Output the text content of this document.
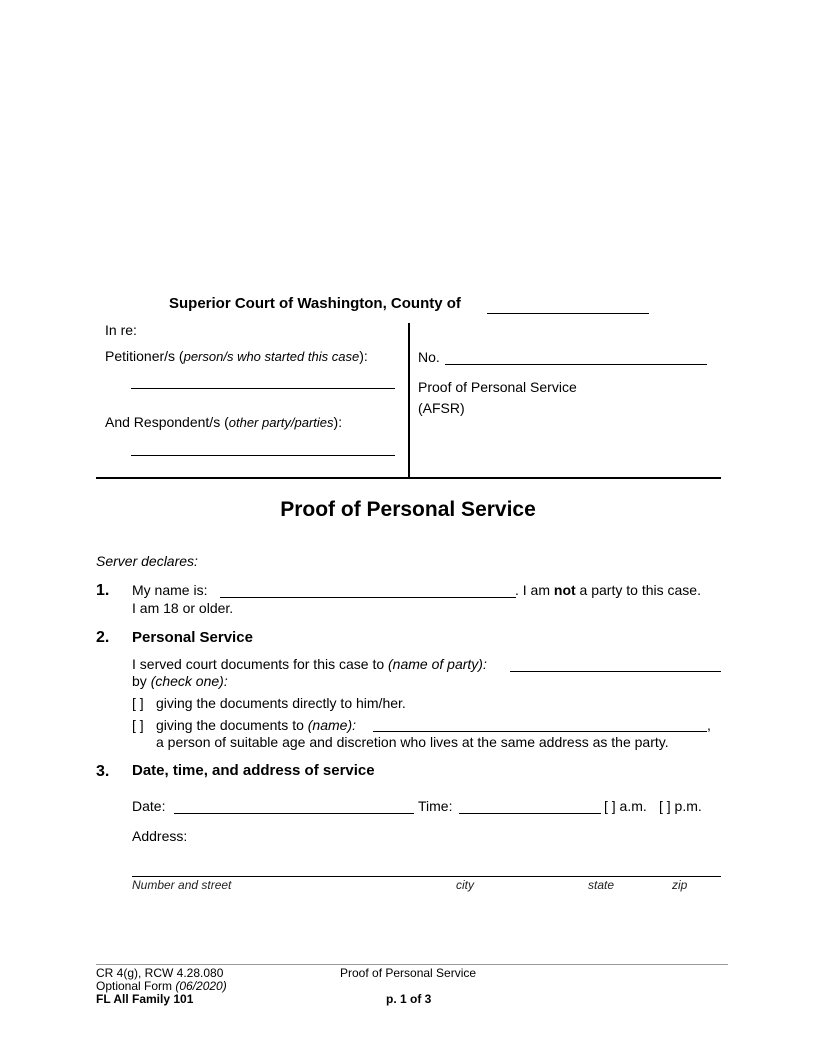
Superior Court of Washington, County of
In re:
Petitioner/s (person/s who started this case):
And Respondent/s (other party/parties):
No.
Proof of Personal Service
(AFSR)
Proof of Personal Service
Server declares:
1. My name is:	. I am not a party to this case.
I am 18 or older.
2. Personal Service
I served court documents for this case to (name of party):
by (check one):
[ ] giving the documents directly to him/her.
[ ] giving the documents to (name):	,
a person of suitable age and discretion who lives at the same address as the party.
3. Date, time, and address of service
Date:	Time:	[ ] a.m. [ ] p.m.
Address:
Number and street	city	state	zip
CR 4(g), RCW 4.28.080
Optional Form (06/2020)
FL All Family 101
Proof of Personal Service
p. 1 of 3
